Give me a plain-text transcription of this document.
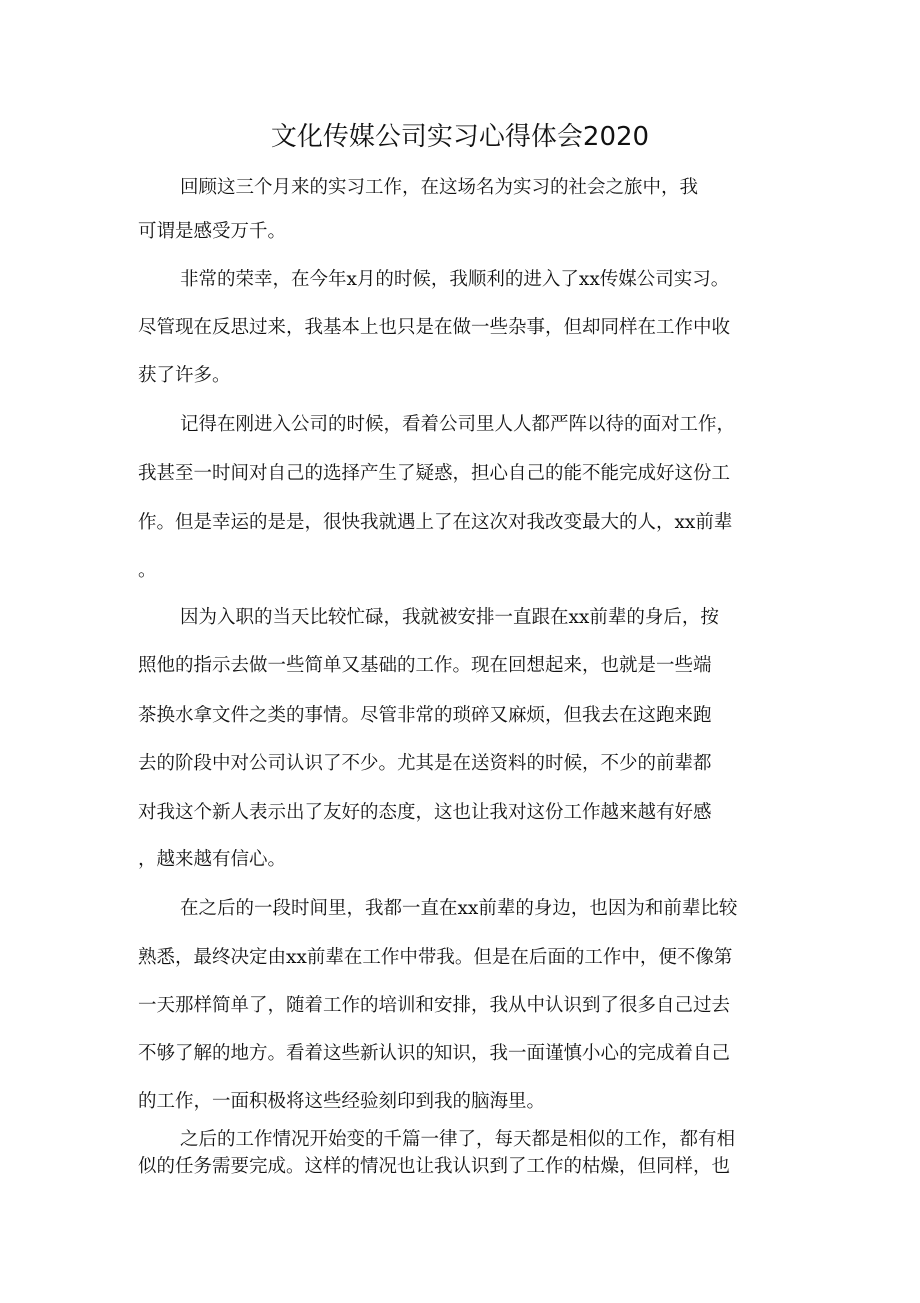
文化传媒公司实习心得体会2020
回顾这三个月来的实习工作，在这场名为实习的社会之旅中，我
可谓是感受万千。
非常的荣幸，在今年x月的时候，我顺利的进入了xx传媒公司实习。
尽管现在反思过来，我基本上也只是在做一些杂事，但却同样在工作中收
获了许多。
记得在刚进入公司的时候，看着公司里人人都严阵以待的面对工作，
我甚至一时间对自己的选择产生了疑惑，担心自己的能不能完成好这份工
作。但是幸运的是是，很快我就遇上了在这次对我改变最大的人，xx前辈
。
因为入职的当天比较忙碌，我就被安排一直跟在xx前辈的身后，按
照他的指示去做一些简单又基础的工作。现在回想起来，也就是一些端
茶换水拿文件之类的事情。尽管非常的琐碎又麻烦，但我去在这跑来跑
去的阶段中对公司认识了不少。尤其是在送资料的时候，不少的前辈都
对我这个新人表示出了友好的态度，这也让我对这份工作越来越有好感
，越来越有信心。
在之后的一段时间里，我都一直在xx前辈的身边，也因为和前辈比较
熟悉，最终决定由xx前辈在工作中带我。但是在后面的工作中，便不像第
一天那样简单了，随着工作的培训和安排，我从中认识到了很多自己过去
不够了解的地方。看着这些新认识的知识，我一面谨慎小心的完成着自己
的工作，一面积极将这些经验刻印到我的脑海里。
之后的工作情况开始变的千篇一律了，每天都是相似的工作，都有相
似的任务需要完成。这样的情况也让我认识到了工作的枯燥，但同样，也
